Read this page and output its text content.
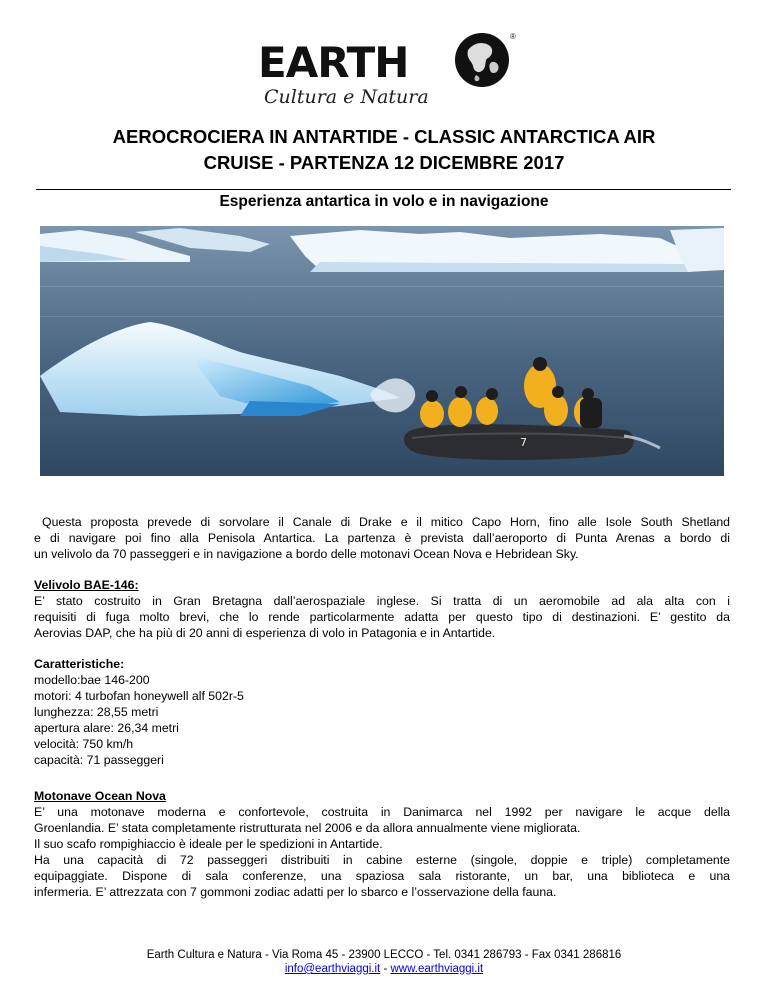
EARTH
®
Cultura e Natura
AEROCROCIERA IN ANTARTIDE - CLASSIC ANTARCTICA AIR
CRUISE - PARTENZA 12 DICEMBRE 2017
Esperienza antartica in volo e in navigazione
7
Questa proposta prevede di sorvolare il Canale di Drake e il mitico Capo Horn, fino alle Isole South Shetland
e di navigare poi fino alla Penisola Antartica. La partenza è prevista dall’aeroporto di Punta Arenas a bordo di
un velivolo da 70 passeggeri e in navigazione a bordo delle motonavi Ocean Nova e Hebridean Sky.
Velivolo BAE-146:
E’ stato costruito in Gran Bretagna dall’aerospaziale inglese. Si tratta di un aeromobile ad ala alta con i
requisiti di fuga molto brevi, che lo rende particolarmente adatta per questo tipo di destinazioni. E’ gestito da
Aerovias DAP, che ha più di 20 anni di esperienza di volo in Patagonia e in Antartide.
Caratteristiche:
modello:bae 146-200
motori: 4 turbofan honeywell alf 502r-5
lunghezza: 28,55 metri
apertura alare: 26,34 metri
velocità: 750 km/h
capacità: 71 passeggeri
Motonave Ocean Nova
E’ una motonave moderna e confortevole, costruita in Danimarca nel 1992 per navigare le acque della
Groenlandia. E’ stata completamente ristrutturata nel 2006 e da allora annualmente viene migliorata.
Il suo scafo rompighiaccio è ideale per le spedizioni in Antartide.
Ha una capacità di 72 passeggeri distribuiti in cabine esterne (singole, doppie e triple) completamente
equipaggiate. Dispone di sala conferenze, una spaziosa sala ristorante, un bar, una biblioteca e una
infermeria. E’ attrezzata con 7 gommoni zodiac adatti per lo sbarco e l’osservazione della fauna.
Earth Cultura e Natura - Via Roma 45 - 23900 LECCO - Tel. 0341 286793 - Fax 0341 286816
info@earthviaggi.it - www.earthviaggi.it
